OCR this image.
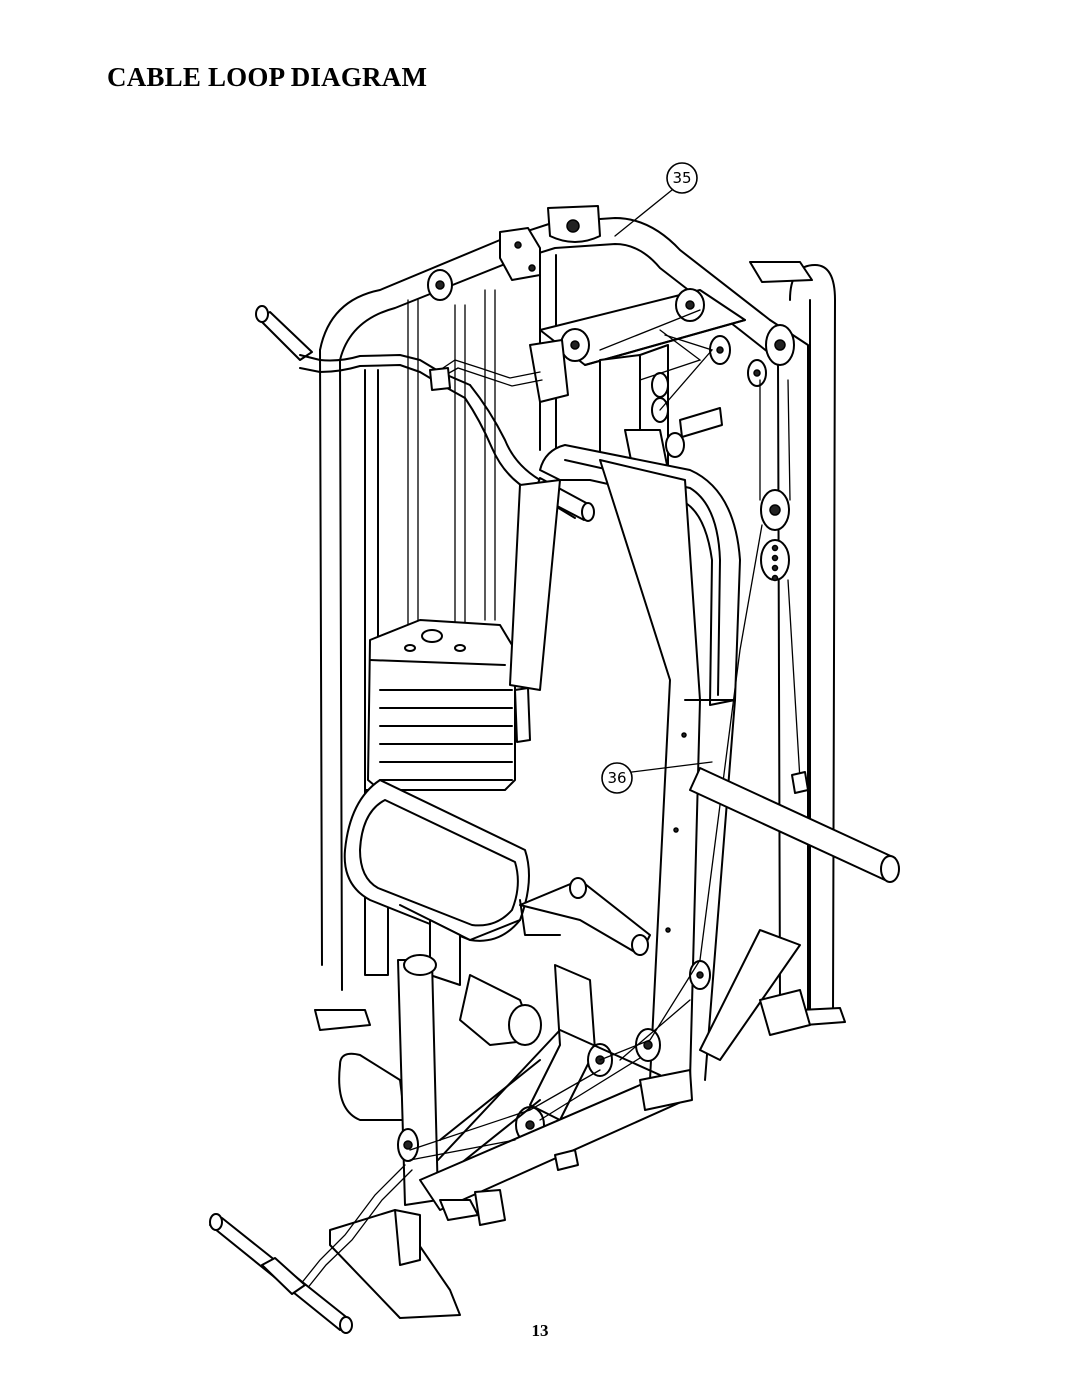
CABLE LOOP DIAGRAM
35
36
13
